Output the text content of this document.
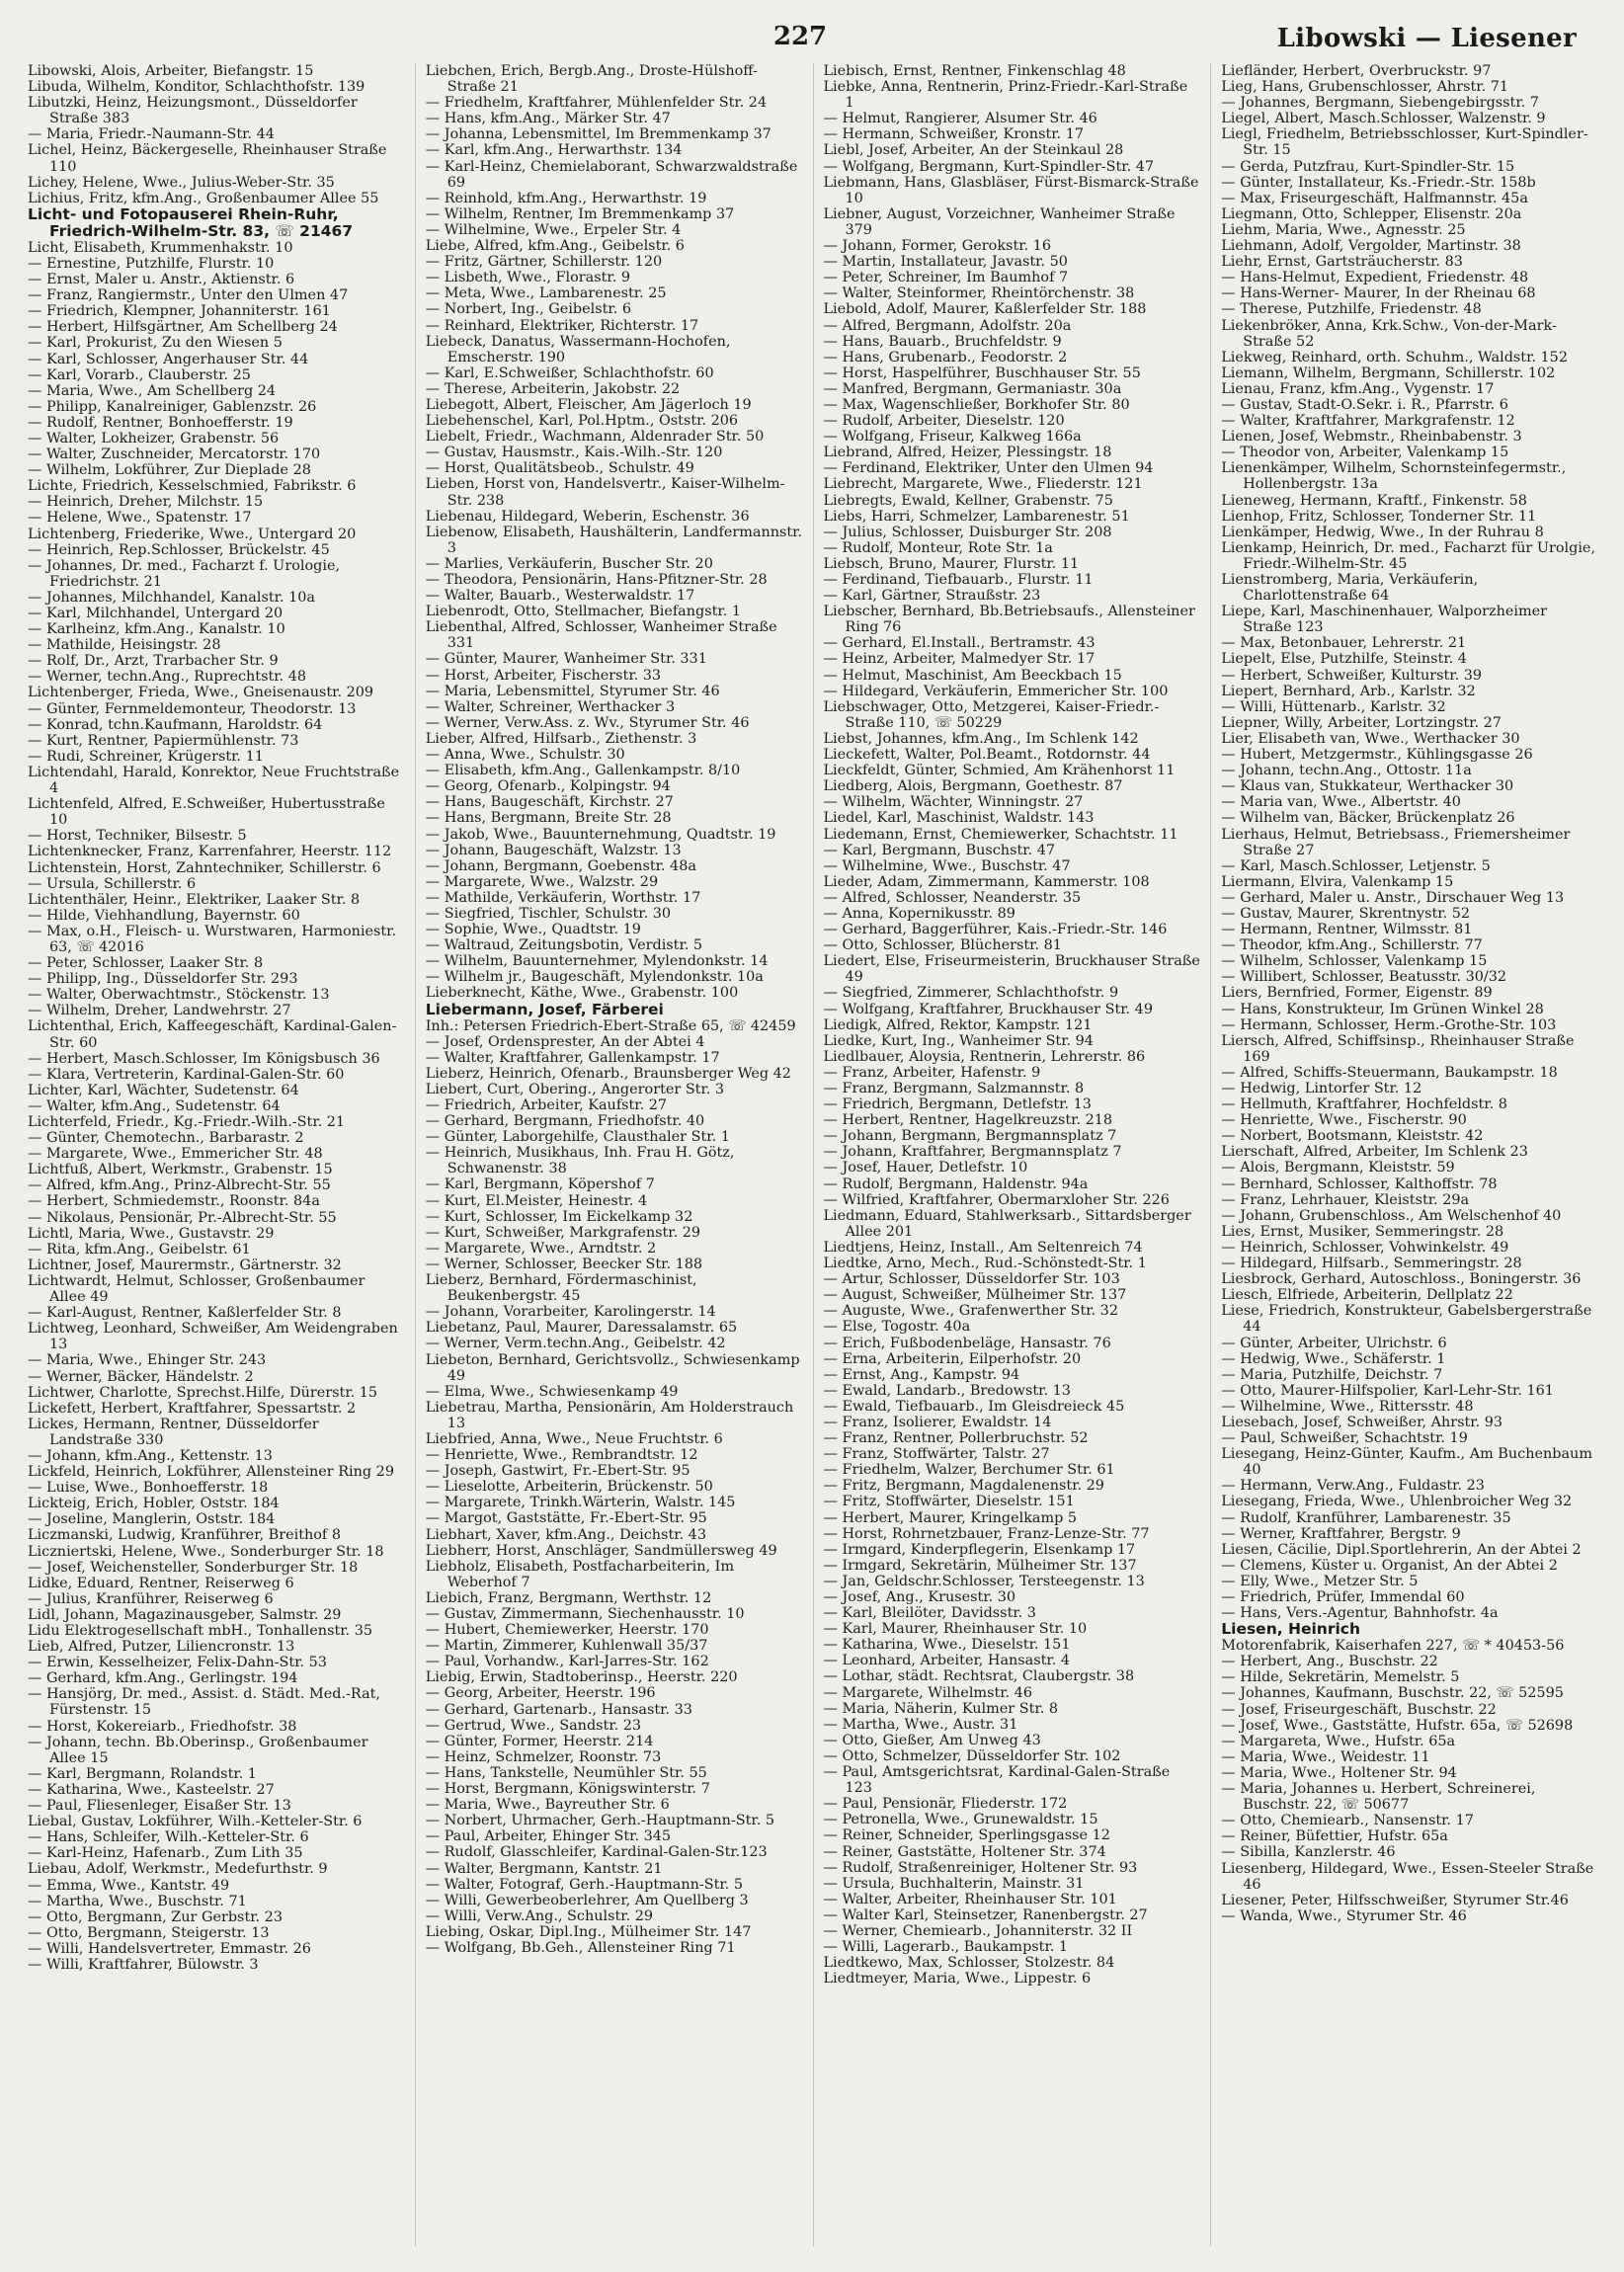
227	Libowski — Liesener

Libowski, Alois, Arbeiter, Biefangstr. 15

Libuda, Wilhelm, Konditor, Schlachthofstr. 139

Libutzki, Heinz, Heizungsmont., Düsseldorfer Straße 383

— Maria, Friedr.-Naumann-Str. 44

Lichel, Heinz, Bäckergeselle, Rheinhauser Straße 110

Lichey, Helene, Wwe., Julius-Weber-Str. 35

Lichius, Fritz, kfm.Ang., Großenbaumer Allee 55

Licht- und Fotopauserei Rhein-Ruhr, Friedrich-Wilhelm-Str. 83, ☏ 21467

Licht, Elisabeth, Krummenhakstr. 10

— Ernestine, Putzhilfe, Flurstr. 10

— Ernst, Maler u. Anstr., Aktienstr. 6

— Franz, Rangiermstr., Unter den Ulmen 47

— Friedrich, Klempner, Johanniterstr. 161

— Herbert, Hilfsgärtner, Am Schellberg 24

— Karl, Prokurist, Zu den Wiesen 5

— Karl, Schlosser, Angerhauser Str. 44

— Karl, Vorarb., Clauberstr. 25

— Maria, Wwe., Am Schellberg 24

— Philipp, Kanalreiniger, Gablenzstr. 26

— Rudolf, Rentner, Bonhoefferstr. 19

— Walter, Lokheizer, Grabenstr. 56

— Walter, Zuschneider, Mercatorstr. 170

— Wilhelm, Lokführer, Zur Dieplade 28

Lichte, Friedrich, Kesselschmied, Fabrikstr. 6

— Heinrich, Dreher, Milchstr. 15

— Helene, Wwe., Spatenstr. 17

Lichtenberg, Friederike, Wwe., Untergard 20

— Heinrich, Rep.Schlosser, Brückelstr. 45

— Johannes, Dr. med., Facharzt f. Urologie, Friedrichstr. 21

— Johannes, Milchhandel, Kanalstr. 10a

— Karl, Milchhandel, Untergard 20

— Karlheinz, kfm.Ang., Kanalstr. 10

— Mathilde, Heisingstr. 28

— Rolf, Dr., Arzt, Trarbacher Str. 9

— Werner, techn.Ang., Ruprechtstr. 48

Lichtenberger, Frieda, Wwe., Gneisenaustr. 209

— Günter, Fernmeldemonteur, Theodorstr. 13

— Konrad, tchn.Kaufmann, Haroldstr. 64

— Kurt, Rentner, Papiermühlenstr. 73

— Rudi, Schreiner, Krügerstr. 11

Lichtendahl, Harald, Konrektor, Neue Fruchtstraße 4

Lichtenfeld, Alfred, E.Schweißer, Hubertusstraße 10

— Horst, Techniker, Bilsestr. 5

Lichtenknecker, Franz, Karrenfahrer, Heerstr. 112

Lichtenstein, Horst, Zahntechniker, Schillerstr. 6

— Ursula, Schillerstr. 6

Lichtenthäler, Heinr., Elektriker, Laaker Str. 8

— Hilde, Viehhandlung, Bayernstr. 60

— Max, o.H., Fleisch- u. Wurstwaren, Harmoniestr. 63, ☏ 42016

— Peter, Schlosser, Laaker Str. 8

— Philipp, Ing., Düsseldorfer Str. 293

— Walter, Oberwachtmstr., Stöckenstr. 13

— Wilhelm, Dreher, Landwehrstr. 27

Lichtenthal, Erich, Kaffeegeschäft, Kardinal-Galen-Str. 60

— Herbert, Masch.Schlosser, Im Königsbusch 36

— Klara, Vertreterin, Kardinal-Galen-Str. 60

Lichter, Karl, Wächter, Sudetenstr. 64

— Walter, kfm.Ang., Sudetenstr. 64

Lichterfeld, Friedr., Kg.-Friedr.-Wilh.-Str. 21

— Günter, Chemotechn., Barbarastr. 2

— Margarete, Wwe., Emmericher Str. 48

Lichtfuß, Albert, Werkmstr., Grabenstr. 15

— Alfred, kfm.Ang., Prinz-Albrecht-Str. 55

— Herbert, Schmiedemstr., Roonstr. 84a

— Nikolaus, Pensionär, Pr.-Albrecht-Str. 55

Lichtl, Maria, Wwe., Gustavstr. 29

— Rita, kfm.Ang., Geibelstr. 61

Lichtner, Josef, Maurermstr., Gärtnerstr. 32

Lichtwardt, Helmut, Schlosser, Großenbaumer Allee 49

— Karl-August, Rentner, Kaßlerfelder Str. 8

Lichtweg, Leonhard, Schweißer, Am Weidengraben 13

— Maria, Wwe., Ehinger Str. 243

— Werner, Bäcker, Händelstr. 2

Lichtwer, Charlotte, Sprechst.Hilfe, Dürerstr. 15

Lickefett, Herbert, Kraftfahrer, Spessartstr. 2

Lickes, Hermann, Rentner, Düsseldorfer Landstraße 330

— Johann, kfm.Ang., Kettenstr. 13

Lickfeld, Heinrich, Lokführer, Allensteiner Ring 29

— Luise, Wwe., Bonhoefferstr. 18

Lickteig, Erich, Hobler, Oststr. 184

— Joseline, Manglerin, Oststr. 184

Liczmanski, Ludwig, Kranführer, Breithof 8

Liczniertski, Helene, Wwe., Sonderburger Str. 18

— Josef, Weichensteller, Sonderburger Str. 18

Lidke, Eduard, Rentner, Reiserweg 6

— Julius, Kranführer, Reiserweg 6

Lidl, Johann, Magazinausgeber, Salmstr. 29

Lidu Elektrogesellschaft mbH., Tonhallenstr. 35

Lieb, Alfred, Putzer, Liliencronstr. 13

— Erwin, Kesselheizer, Felix-Dahn-Str. 53

— Gerhard, kfm.Ang., Gerlingstr. 194

— Hansjörg, Dr. med., Assist. d. Städt. Med.-Rat, Fürstenstr. 15

— Horst, Kokereiarb., Friedhofstr. 38

— Johann, techn. Bb.Oberinsp., Großenbaumer Allee 15

— Karl, Bergmann, Rolandstr. 1

— Katharina, Wwe., Kasteelstr. 27

— Paul, Fliesenleger, Eisaßer Str. 13

Liebal, Gustav, Lokführer, Wilh.-Ketteler-Str. 6

— Hans, Schleifer, Wilh.-Ketteler-Str. 6

— Karl-Heinz, Hafenarb., Zum Lith 35

Liebau, Adolf, Werkmstr., Medefurthstr. 9

— Emma, Wwe., Kantstr. 49

— Martha, Wwe., Buschstr. 71

— Otto, Bergmann, Zur Gerbstr. 23

— Otto, Bergmann, Steigerstr. 13

— Willi, Handelsvertreter, Emmastr. 26

— Willi, Kraftfahrer, Bülowstr. 3

Liebchen, Erich, Bergb.Ang., Droste-Hülshoff-Straße 21

— Friedhelm, Kraftfahrer, Mühlenfelder Str. 24

— Hans, kfm.Ang., Märker Str. 47

— Johanna, Lebensmittel, Im Bremmenkamp 37

— Karl, kfm.Ang., Herwarthstr. 134

— Karl-Heinz, Chemielaborant, Schwarzwaldstraße 69

— Reinhold, kfm.Ang., Herwarthstr. 19

— Wilhelm, Rentner, Im Bremmenkamp 37

— Wilhelmine, Wwe., Erpeler Str. 4

Liebe, Alfred, kfm.Ang., Geibelstr. 6

— Fritz, Gärtner, Schillerstr. 120

— Lisbeth, Wwe., Florastr. 9

— Meta, Wwe., Lambarenestr. 25

— Norbert, Ing., Geibelstr. 6

— Reinhard, Elektriker, Richterstr. 17

Liebeck, Danatus, Wassermann-Hochofen, Emscherstr. 190

— Karl, E.Schweißer, Schlachthofstr. 60

— Therese, Arbeiterin, Jakobstr. 22

Liebegott, Albert, Fleischer, Am Jägerloch 19

Liebehenschel, Karl, Pol.Hptm., Oststr. 206

Liebelt, Friedr., Wachmann, Aldenrader Str. 50

— Gustav, Hausmstr., Kais.-Wilh.-Str. 120

— Horst, Qualitätsbeob., Schulstr. 49

Lieben, Horst von, Handelsvertr., Kaiser-Wilhelm-Str. 238

Liebenau, Hildegard, Weberin, Eschenstr. 36

Liebenow, Elisabeth, Haushälterin, Landfermannstr. 3

— Marlies, Verkäuferin, Buscher Str. 20

— Theodora, Pensionärin, Hans-Pfitzner-Str. 28

— Walter, Bauarb., Westerwaldstr. 17

Liebenrodt, Otto, Stellmacher, Biefangstr. 1

Liebenthal, Alfred, Schlosser, Wanheimer Straße 331

— Günter, Maurer, Wanheimer Str. 331

— Horst, Arbeiter, Fischerstr. 33

— Maria, Lebensmittel, Styrumer Str. 46

— Walter, Schreiner, Werthacker 3

— Werner, Verw.Ass. z. Wv., Styrumer Str. 46

Lieber, Alfred, Hilfsarb., Ziethenstr. 3

— Anna, Wwe., Schulstr. 30

— Elisabeth, kfm.Ang., Gallenkampstr. 8/10

— Georg, Ofenarb., Kolpingstr. 94

— Hans, Baugeschäft, Kirchstr. 27

— Hans, Bergmann, Breite Str. 28

— Jakob, Wwe., Bauunternehmung, Quadtstr. 19

— Johann, Baugeschäft, Walzstr. 13

— Johann, Bergmann, Goebenstr. 48a

— Margarete, Wwe., Walzstr. 29

— Mathilde, Verkäuferin, Worthstr. 17

— Siegfried, Tischler, Schulstr. 30

— Sophie, Wwe., Quadtstr. 19

— Waltraud, Zeitungsbotin, Verdistr. 5

— Wilhelm, Bauunternehmer, Mylendonkstr. 14

— Wilhelm jr., Baugeschäft, Mylendonkstr. 10a

Lieberknecht, Käthe, Wwe., Grabenstr. 100

Liebermann, Josef, Färberei

Inh.: Petersen Friedrich-Ebert-Straße 65, ☏ 42459

— Josef, Ordensprester, An der Abtei 4

— Walter, Kraftfahrer, Gallenkampstr. 17

Lieberz, Heinrich, Ofenarb., Braunsberger Weg 42

Liebert, Curt, Obering., Angerorter Str. 3

— Friedrich, Arbeiter, Kaufstr. 27

— Gerhard, Bergmann, Friedhofstr. 40

— Günter, Laborgehilfe, Clausthaler Str. 1

— Heinrich, Musikhaus, Inh. Frau H. Götz, Schwanenstr. 38

— Karl, Bergmann, Köpershof 7

— Kurt, El.Meister, Heinestr. 4

— Kurt, Schlosser, Im Eickelkamp 32

— Kurt, Schweißer, Markgrafenstr. 29

— Margarete, Wwe., Arndtstr. 2

— Werner, Schlosser, Beecker Str. 188

Lieberz, Bernhard, Fördermaschinist, Beukenbergstr. 45

— Johann, Vorarbeiter, Karolingerstr. 14

Liebetanz, Paul, Maurer, Daressalamstr. 65

— Werner, Verm.techn.Ang., Geibelstr. 42

Liebeton, Bernhard, Gerichtsvollz., Schwiesenkamp 49

— Elma, Wwe., Schwiesenkamp 49

Liebetrau, Martha, Pensionärin, Am Holderstrauch 13

Liebfried, Anna, Wwe., Neue Fruchtstr. 6

— Henriette, Wwe., Rembrandtstr. 12

— Joseph, Gastwirt, Fr.-Ebert-Str. 95

— Lieselotte, Arbeiterin, Brückenstr. 50

— Margarete, Trinkh.Wärterin, Walstr. 145

— Margot, Gaststätte, Fr.-Ebert-Str. 95

Liebhart, Xaver, kfm.Ang., Deichstr. 43

Liebherr, Horst, Anschläger, Sandmüllersweg 49

Liebholz, Elisabeth, Postfacharbeiterin, Im Weberhof 7

Liebich, Franz, Bergmann, Werthstr. 12

— Gustav, Zimmermann, Siechenhausstr. 10

— Hubert, Chemiewerker, Heerstr. 170

— Martin, Zimmerer, Kuhlenwall 35/37

— Paul, Vorhandw., Karl-Jarres-Str. 162

Liebig, Erwin, Stadtoberinsp., Heerstr. 220

— Georg, Arbeiter, Heerstr. 196

— Gerhard, Gartenarb., Hansastr. 33

— Gertrud, Wwe., Sandstr. 23

— Günter, Former, Heerstr. 214

— Heinz, Schmelzer, Roonstr. 73

— Hans, Tankstelle, Neumühler Str. 55

— Horst, Bergmann, Königswinterstr. 7

— Maria, Wwe., Bayreuther Str. 6

— Norbert, Uhrmacher, Gerh.-Hauptmann-Str. 5

— Paul, Arbeiter, Ehinger Str. 345

— Rudolf, Glasschleifer, Kardinal-Galen-Str.123

— Walter, Bergmann, Kantstr. 21

— Walter, Fotograf, Gerh.-Hauptmann-Str. 5

— Willi, Gewerbeoberlehrer, Am Quellberg 3

— Willi, Verw.Ang., Schulstr. 29

Liebing, Oskar, Dipl.Ing., Mülheimer Str. 147

— Wolfgang, Bb.Geh., Allensteiner Ring 71

Liebisch, Ernst, Rentner, Finkenschlag 48

Liebke, Anna, Rentnerin, Prinz-Friedr.-Karl-Straße 1

— Helmut, Rangierer, Alsumer Str. 46

— Hermann, Schweißer, Kronstr. 17

Liebl, Josef, Arbeiter, An der Steinkaul 28

— Wolfgang, Bergmann, Kurt-Spindler-Str. 47

Liebmann, Hans, Glasbläser, Fürst-Bismarck-Straße 10

Liebner, August, Vorzeichner, Wanheimer Straße 379

— Johann, Former, Gerokstr. 16

— Martin, Installateur, Javastr. 50

— Peter, Schreiner, Im Baumhof 7

— Walter, Steinformer, Rheintörchenstr. 38

Liebold, Adolf, Maurer, Kaßlerfelder Str. 188

— Alfred, Bergmann, Adolfstr. 20a

— Hans, Bauarb., Bruchfeldstr. 9

— Hans, Grubenarb., Feodorstr. 2

— Horst, Haspelführer, Buschhauser Str. 55

— Manfred, Bergmann, Germaniastr. 30a

— Max, Wagenschließer, Borkhofer Str. 80

— Rudolf, Arbeiter, Dieselstr. 120

— Wolfgang, Friseur, Kalkweg 166a

Liebrand, Alfred, Heizer, Plessingstr. 18

— Ferdinand, Elektriker, Unter den Ulmen 94

Liebrecht, Margarete, Wwe., Fliederstr. 121

Liebregts, Ewald, Kellner, Grabenstr. 75

Liebs, Harri, Schmelzer, Lambarenestr. 51

— Julius, Schlosser, Duisburger Str. 208

— Rudolf, Monteur, Rote Str. 1a

Liebsch, Bruno, Maurer, Flurstr. 11

— Ferdinand, Tiefbauarb., Flurstr. 11

— Karl, Gärtner, Straußstr. 23

Liebscher, Bernhard, Bb.Betriebsaufs., Allensteiner Ring 76

— Gerhard, El.Install., Bertramstr. 43

— Heinz, Arbeiter, Malmedyer Str. 17

— Helmut, Maschinist, Am Beeckbach 15

— Hildegard, Verkäuferin, Emmericher Str. 100

Liebschwager, Otto, Metzgerei, Kaiser-Friedr.-Straße 110, ☏ 50229

Liebst, Johannes, kfm.Ang., Im Schlenk 142

Lieckefett, Walter, Pol.Beamt., Rotdornstr. 44

Lieckfeldt, Günter, Schmied, Am Krähenhorst 11

Liedberg, Alois, Bergmann, Goethestr. 87

— Wilhelm, Wächter, Winningstr. 27

Liedel, Karl, Maschinist, Waldstr. 143

Liedemann, Ernst, Chemiewerker, Schachtstr. 11

— Karl, Bergmann, Buschstr. 47

— Wilhelmine, Wwe., Buschstr. 47

Lieder, Adam, Zimmermann, Kammerstr. 108

— Alfred, Schlosser, Neanderstr. 35

— Anna, Kopernikusstr. 89

— Gerhard, Baggerführer, Kais.-Friedr.-Str. 146

— Otto, Schlosser, Blücherstr. 81

Liedert, Else, Friseurmeisterin, Bruckhauser Straße 49

— Siegfried, Zimmerer, Schlachthofstr. 9

— Wolfgang, Kraftfahrer, Bruckhauser Str. 49

Liedigk, Alfred, Rektor, Kampstr. 121

Liedke, Kurt, Ing., Wanheimer Str. 94

Liedlbauer, Aloysia, Rentnerin, Lehrerstr. 86

— Franz, Arbeiter, Hafenstr. 9

— Franz, Bergmann, Salzmannstr. 8

— Friedrich, Bergmann, Detlefstr. 13

— Herbert, Rentner, Hagelkreuzstr. 218

— Johann, Bergmann, Bergmannsplatz 7

— Johann, Kraftfahrer, Bergmannsplatz 7

— Josef, Hauer, Detlefstr. 10

— Rudolf, Bergmann, Haldenstr. 94a

— Wilfried, Kraftfahrer, Obermarxloher Str. 226

Liedmann, Eduard, Stahlwerksarb., Sittardsberger Allee 201

Liedtjens, Heinz, Install., Am Seltenreich 74

Liedtke, Arno, Mech., Rud.-Schönstedt-Str. 1

— Artur, Schlosser, Düsseldorfer Str. 103

— August, Schweißer, Mülheimer Str. 137

— Auguste, Wwe., Grafenwerther Str. 32

— Else, Togostr. 40a

— Erich, Fußbodenbeläge, Hansastr. 76

— Erna, Arbeiterin, Eilperhofstr. 20

— Ernst, Ang., Kampstr. 94

— Ewald, Landarb., Bredowstr. 13

— Ewald, Tiefbauarb., Im Gleisdreieck 45

— Franz, Isolierer, Ewaldstr. 14

— Franz, Rentner, Pollerbruchstr. 52

— Franz, Stoffwärter, Talstr. 27

— Friedhelm, Walzer, Berchumer Str. 61

— Fritz, Bergmann, Magdalenenstr. 29

— Fritz, Stoffwärter, Dieselstr. 151

— Herbert, Maurer, Kringelkamp 5

— Horst, Rohrnetzbauer, Franz-Lenze-Str. 77

— Irmgard, Kinderpflegerin, Elsenkamp 17

— Irmgard, Sekretärin, Mülheimer Str. 137

— Jan, Geldschr.Schlosser, Tersteegenstr. 13

— Josef, Ang., Krusestr. 30

— Karl, Bleilöter, Davidsstr. 3

— Karl, Maurer, Rheinhauser Str. 10

— Katharina, Wwe., Dieselstr. 151

— Leonhard, Arbeiter, Hansastr. 4

— Lothar, städt. Rechtsrat, Claubergstr. 38

— Margarete, Wilhelmstr. 46

— Maria, Näherin, Kulmer Str. 8

— Martha, Wwe., Austr. 31

— Otto, Gießer, Am Unweg 43

— Otto, Schmelzer, Düsseldorfer Str. 102

— Paul, Amtsgerichtsrat, Kardinal-Galen-Straße 123

— Paul, Pensionär, Fliederstr. 172

— Petronella, Wwe., Grunewaldstr. 15

— Reiner, Schneider, Sperlingsgasse 12

— Reiner, Gaststätte, Holtener Str. 374

— Rudolf, Straßenreiniger, Holtener Str. 93

— Ursula, Buchhalterin, Mainstr. 31

— Walter, Arbeiter, Rheinhauser Str. 101

— Walter Karl, Steinsetzer, Ranenbergstr. 27

— Werner, Chemiearb., Johanniterstr. 32 II

— Willi, Lagerarb., Baukampstr. 1

Liedtkewo, Max, Schlosser, Stolzestr. 84

Liedtmeyer, Maria, Wwe., Lippestr. 6

Liefländer, Herbert, Overbruckstr. 97

Lieg, Hans, Grubenschlosser, Ahrstr. 71

— Johannes, Bergmann, Siebengebirgsstr. 7

Liegel, Albert, Masch.Schlosser, Walzenstr. 9

Liegl, Friedhelm, Betriebsschlosser, Kurt-Spindler-Str. 15

— Gerda, Putzfrau, Kurt-Spindler-Str. 15

— Günter, Installateur, Ks.-Friedr.-Str. 158b

— Max, Friseurgeschäft, Halfmannstr. 45a

Liegmann, Otto, Schlepper, Elisenstr. 20a

Liehm, Maria, Wwe., Agnesstr. 25

Liehmann, Adolf, Vergolder, Martinstr. 38

Liehr, Ernst, Gartsträucherstr. 83

— Hans-Helmut, Expedient, Friedenstr. 48

— Hans-Werner- Maurer, In der Rheinau 68

— Therese, Putzhilfe, Friedenstr. 48

Liekenbröker, Anna, Krk.Schw., Von-der-Mark-Straße 52

Liekweg, Reinhard, orth. Schuhm., Waldstr. 152

Liemann, Wilhelm, Bergmann, Schillerstr. 102

Lienau, Franz, kfm.Ang., Vygenstr. 17

— Gustav, Stadt-O.Sekr. i. R., Pfarrstr. 6

— Walter, Kraftfahrer, Markgrafenstr. 12

Lienen, Josef, Webmstr., Rheinbabenstr. 3

— Theodor von, Arbeiter, Valenkamp 15

Lienenkämper, Wilhelm, Schornsteinfegermstr., Hollenbergstr. 13a

Lieneweg, Hermann, Kraftf., Finkenstr. 58

Lienhop, Fritz, Schlosser, Tonderner Str. 11

Lienkämper, Hedwig, Wwe., In der Ruhrau 8

Lienkamp, Heinrich, Dr. med., Facharzt für Urolgie, Friedr.-Wilhelm-Str. 45

Lienstromberg, Maria, Verkäuferin, Charlottenstraße 64

Liepe, Karl, Maschinenhauer, Walporzheimer Straße 123

— Max, Betonbauer, Lehrerstr. 21

Liepelt, Else, Putzhilfe, Steinstr. 4

— Herbert, Schweißer, Kulturstr. 39

Liepert, Bernhard, Arb., Karlstr. 32

— Willi, Hüttenarb., Karlstr. 32

Liepner, Willy, Arbeiter, Lortzingstr. 27

Lier, Elisabeth van, Wwe., Werthacker 30

— Hubert, Metzgermstr., Kühlingsgasse 26

— Johann, techn.Ang., Ottostr. 11a

— Klaus van, Stukkateur, Werthacker 30

— Maria van, Wwe., Albertstr. 40

— Wilhelm van, Bäcker, Brückenplatz 26

Lierhaus, Helmut, Betriebsass., Friemersheimer Straße 27

— Karl, Masch.Schlosser, Letjenstr. 5

Liermann, Elvira, Valenkamp 15

— Gerhard, Maler u. Anstr., Dirschauer Weg 13

— Gustav, Maurer, Skrentnystr. 52

— Hermann, Rentner, Wilmsstr. 81

— Theodor, kfm.Ang., Schillerstr. 77

— Wilhelm, Schlosser, Valenkamp 15

— Willibert, Schlosser, Beatusstr. 30/32

Liers, Bernfried, Former, Eigenstr. 89

— Hans, Konstrukteur, Im Grünen Winkel 28

— Hermann, Schlosser, Herm.-Grothe-Str. 103

Liersch, Alfred, Schiffsinsp., Rheinhauser Straße 169

— Alfred, Schiffs-Steuermann, Baukampstr. 18

— Hedwig, Lintorfer Str. 12

— Hellmuth, Kraftfahrer, Hochfeldstr. 8

— Henriette, Wwe., Fischerstr. 90

— Norbert, Bootsmann, Kleiststr. 42

Lierschaft, Alfred, Arbeiter, Im Schlenk 23

— Alois, Bergmann, Kleiststr. 59

— Bernhard, Schlosser, Kalthoffstr. 78

— Franz, Lehrhauer, Kleiststr. 29a

— Johann, Grubenschloss., Am Welschenhof 40

Lies, Ernst, Musiker, Semmeringstr. 28

— Heinrich, Schlosser, Vohwinkelstr. 49

— Hildegard, Hilfsarb., Semmeringstr. 28

Liesbrock, Gerhard, Autoschloss., Boningerstr. 36

Liesch, Elfriede, Arbeiterin, Dellplatz 22

Liese, Friedrich, Konstrukteur, Gabelsbergerstraße 44

— Günter, Arbeiter, Ulrichstr. 6

— Hedwig, Wwe., Schäferstr. 1

— Maria, Putzhilfe, Deichstr. 7

— Otto, Maurer-Hilfspolier, Karl-Lehr-Str. 161

— Wilhelmine, Wwe., Rittersstr. 48

Liesebach, Josef, Schweißer, Ahrstr. 93

— Paul, Schweißer, Schachtstr. 19

Liesegang, Heinz-Günter, Kaufm., Am Buchenbaum 40

— Hermann, Verw.Ang., Fuldastr. 23

Liesegang, Frieda, Wwe., Uhlenbroicher Weg 32

— Rudolf, Kranführer, Lambarenestr. 35

— Werner, Kraftfahrer, Bergstr. 9

Liesen, Cäcilie, Dipl.Sportlehrerin, An der Abtei 2

— Clemens, Küster u. Organist, An der Abtei 2

— Elly, Wwe., Metzer Str. 5

— Friedrich, Prüfer, Immendal 60

— Hans, Vers.-Agentur, Bahnhofstr. 4a

Liesen, Heinrich

Motorenfabrik, Kaiserhafen 227, ☏ * 40453-56

— Herbert, Ang., Buschstr. 22

— Hilde, Sekretärin, Memelstr. 5

— Johannes, Kaufmann, Buschstr. 22, ☏ 52595

— Josef, Friseurgeschäft, Buschstr. 22

— Josef, Wwe., Gaststätte, Hufstr. 65a, ☏ 52698

— Margareta, Wwe., Hufstr. 65a

— Maria, Wwe., Weidestr. 11

— Maria, Wwe., Holtener Str. 94

— Maria, Johannes u. Herbert, Schreinerei, Buschstr. 22, ☏ 50677

— Otto, Chemiearb., Nansenstr. 17

— Reiner, Büfettier, Hufstr. 65a

— Sibilla, Kanzlerstr. 46

Liesenberg, Hildegard, Wwe., Essen-Steeler Straße 46

Liesener, Peter, Hilfsschweißer, Styrumer Str.46

— Wanda, Wwe., Styrumer Str. 46
